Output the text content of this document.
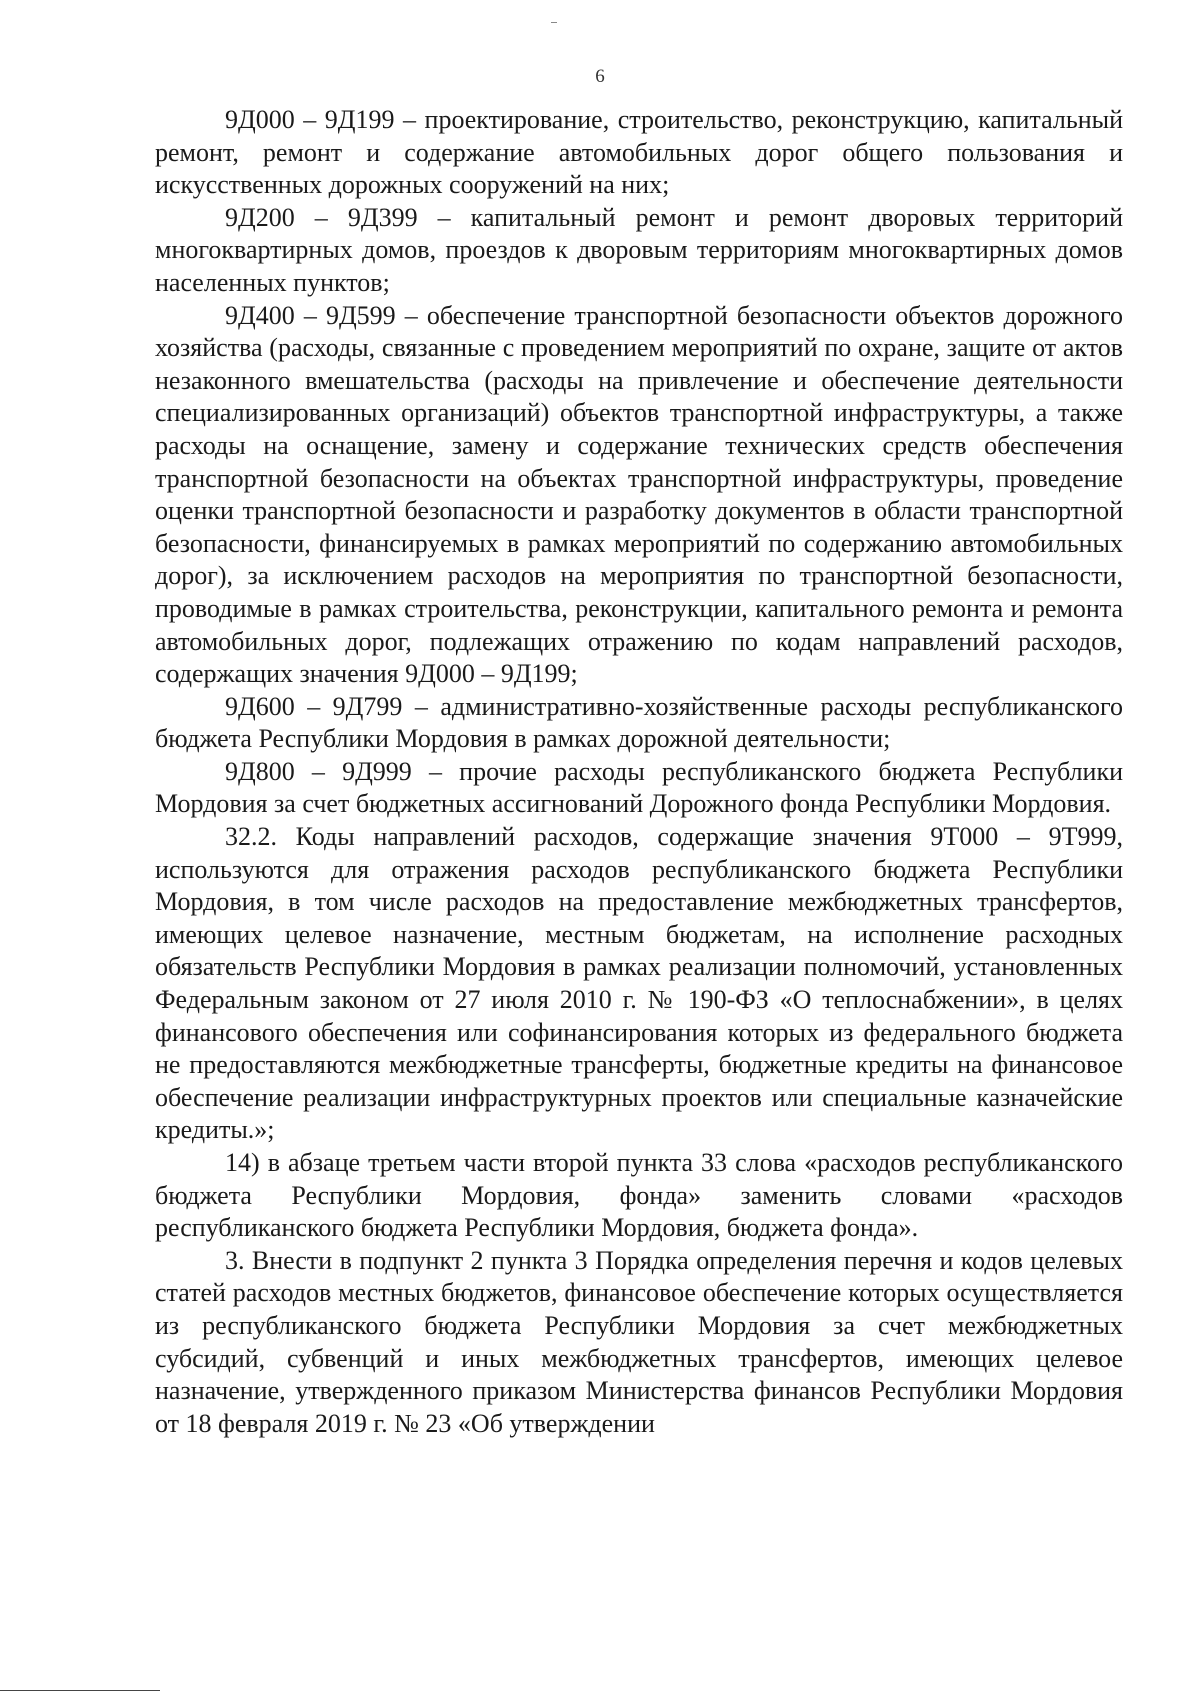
6

9Д000 – 9Д199 – проектирование, строительство, реконструкцию, капитальный ремонт, ремонт и содержание автомобильных дорог общего пользования и искусственных дорожных сооружений на них;

9Д200 – 9Д399 – капитальный ремонт и ремонт дворовых территорий многоквартирных домов, проездов к дворовым территориям многоквартирных домов населенных пунктов;

9Д400 – 9Д599 – обеспечение транспортной безопасности объектов дорожного хозяйства (расходы, связанные с проведением мероприятий по охране, защите от актов незаконного вмешательства (расходы на привлечение и обеспечение деятельности специализированных организаций) объектов транспортной инфраструктуры, а также расходы на оснащение, замену и содержание технических средств обеспечения транспортной безопасности на объектах транспортной инфраструктуры, проведение оценки транспортной безопасности и разработку документов в области транспортной безопасности, финансируемых в рамках мероприятий по содержанию автомобильных дорог), за исключением расходов на мероприятия по транспортной безопасности, проводимые в рамках строительства, реконструкции, капитального ремонта и ремонта автомобильных дорог, подлежащих отражению по кодам направлений расходов, содержащих значения 9Д000 – 9Д199;

9Д600 – 9Д799 – административно-хозяйственные расходы республиканского бюджета Республики Мордовия в рамках дорожной деятельности;

9Д800 – 9Д999 – прочие расходы республиканского бюджета Республики Мордовия за счет бюджетных ассигнований Дорожного фонда Республики Мордовия.

32.2. Коды направлений расходов, содержащие значения 9Т000 – 9Т999, используются для отражения расходов республиканского бюджета Республики Мордовия, в том числе расходов на предоставление межбюджетных трансфертов, имеющих целевое назначение, местным бюджетам, на исполнение расходных обязательств Республики Мордовия в рамках реализации полномочий, установленных Федеральным законом от 27 июля 2010 г. № 190-ФЗ «О теплоснабжении», в целях финансового обеспечения или софинансирования которых из федерального бюджета не предоставляются межбюджетные трансферты, бюджетные кредиты на финансовое обеспечение реализации инфраструктурных проектов или специальные казначейские кредиты.»;

14) в абзаце третьем части второй пункта 33 слова «расходов республиканского бюджета Республики Мордовия, фонда» заменить словами «расходов республиканского бюджета Республики Мордовия, бюджета фонда».

3. Внести в подпункт 2 пункта 3 Порядка определения перечня и кодов целевых статей расходов местных бюджетов, финансовое обеспечение которых осуществляется из республиканского бюджета Республики Мордовия за счет межбюджетных субсидий, субвенций и иных межбюджетных трансфертов, имеющих целевое назначение, утвержденного приказом Министерства финансов Республики Мордовия от 18 февраля 2019 г. № 23 «Об утверждении
